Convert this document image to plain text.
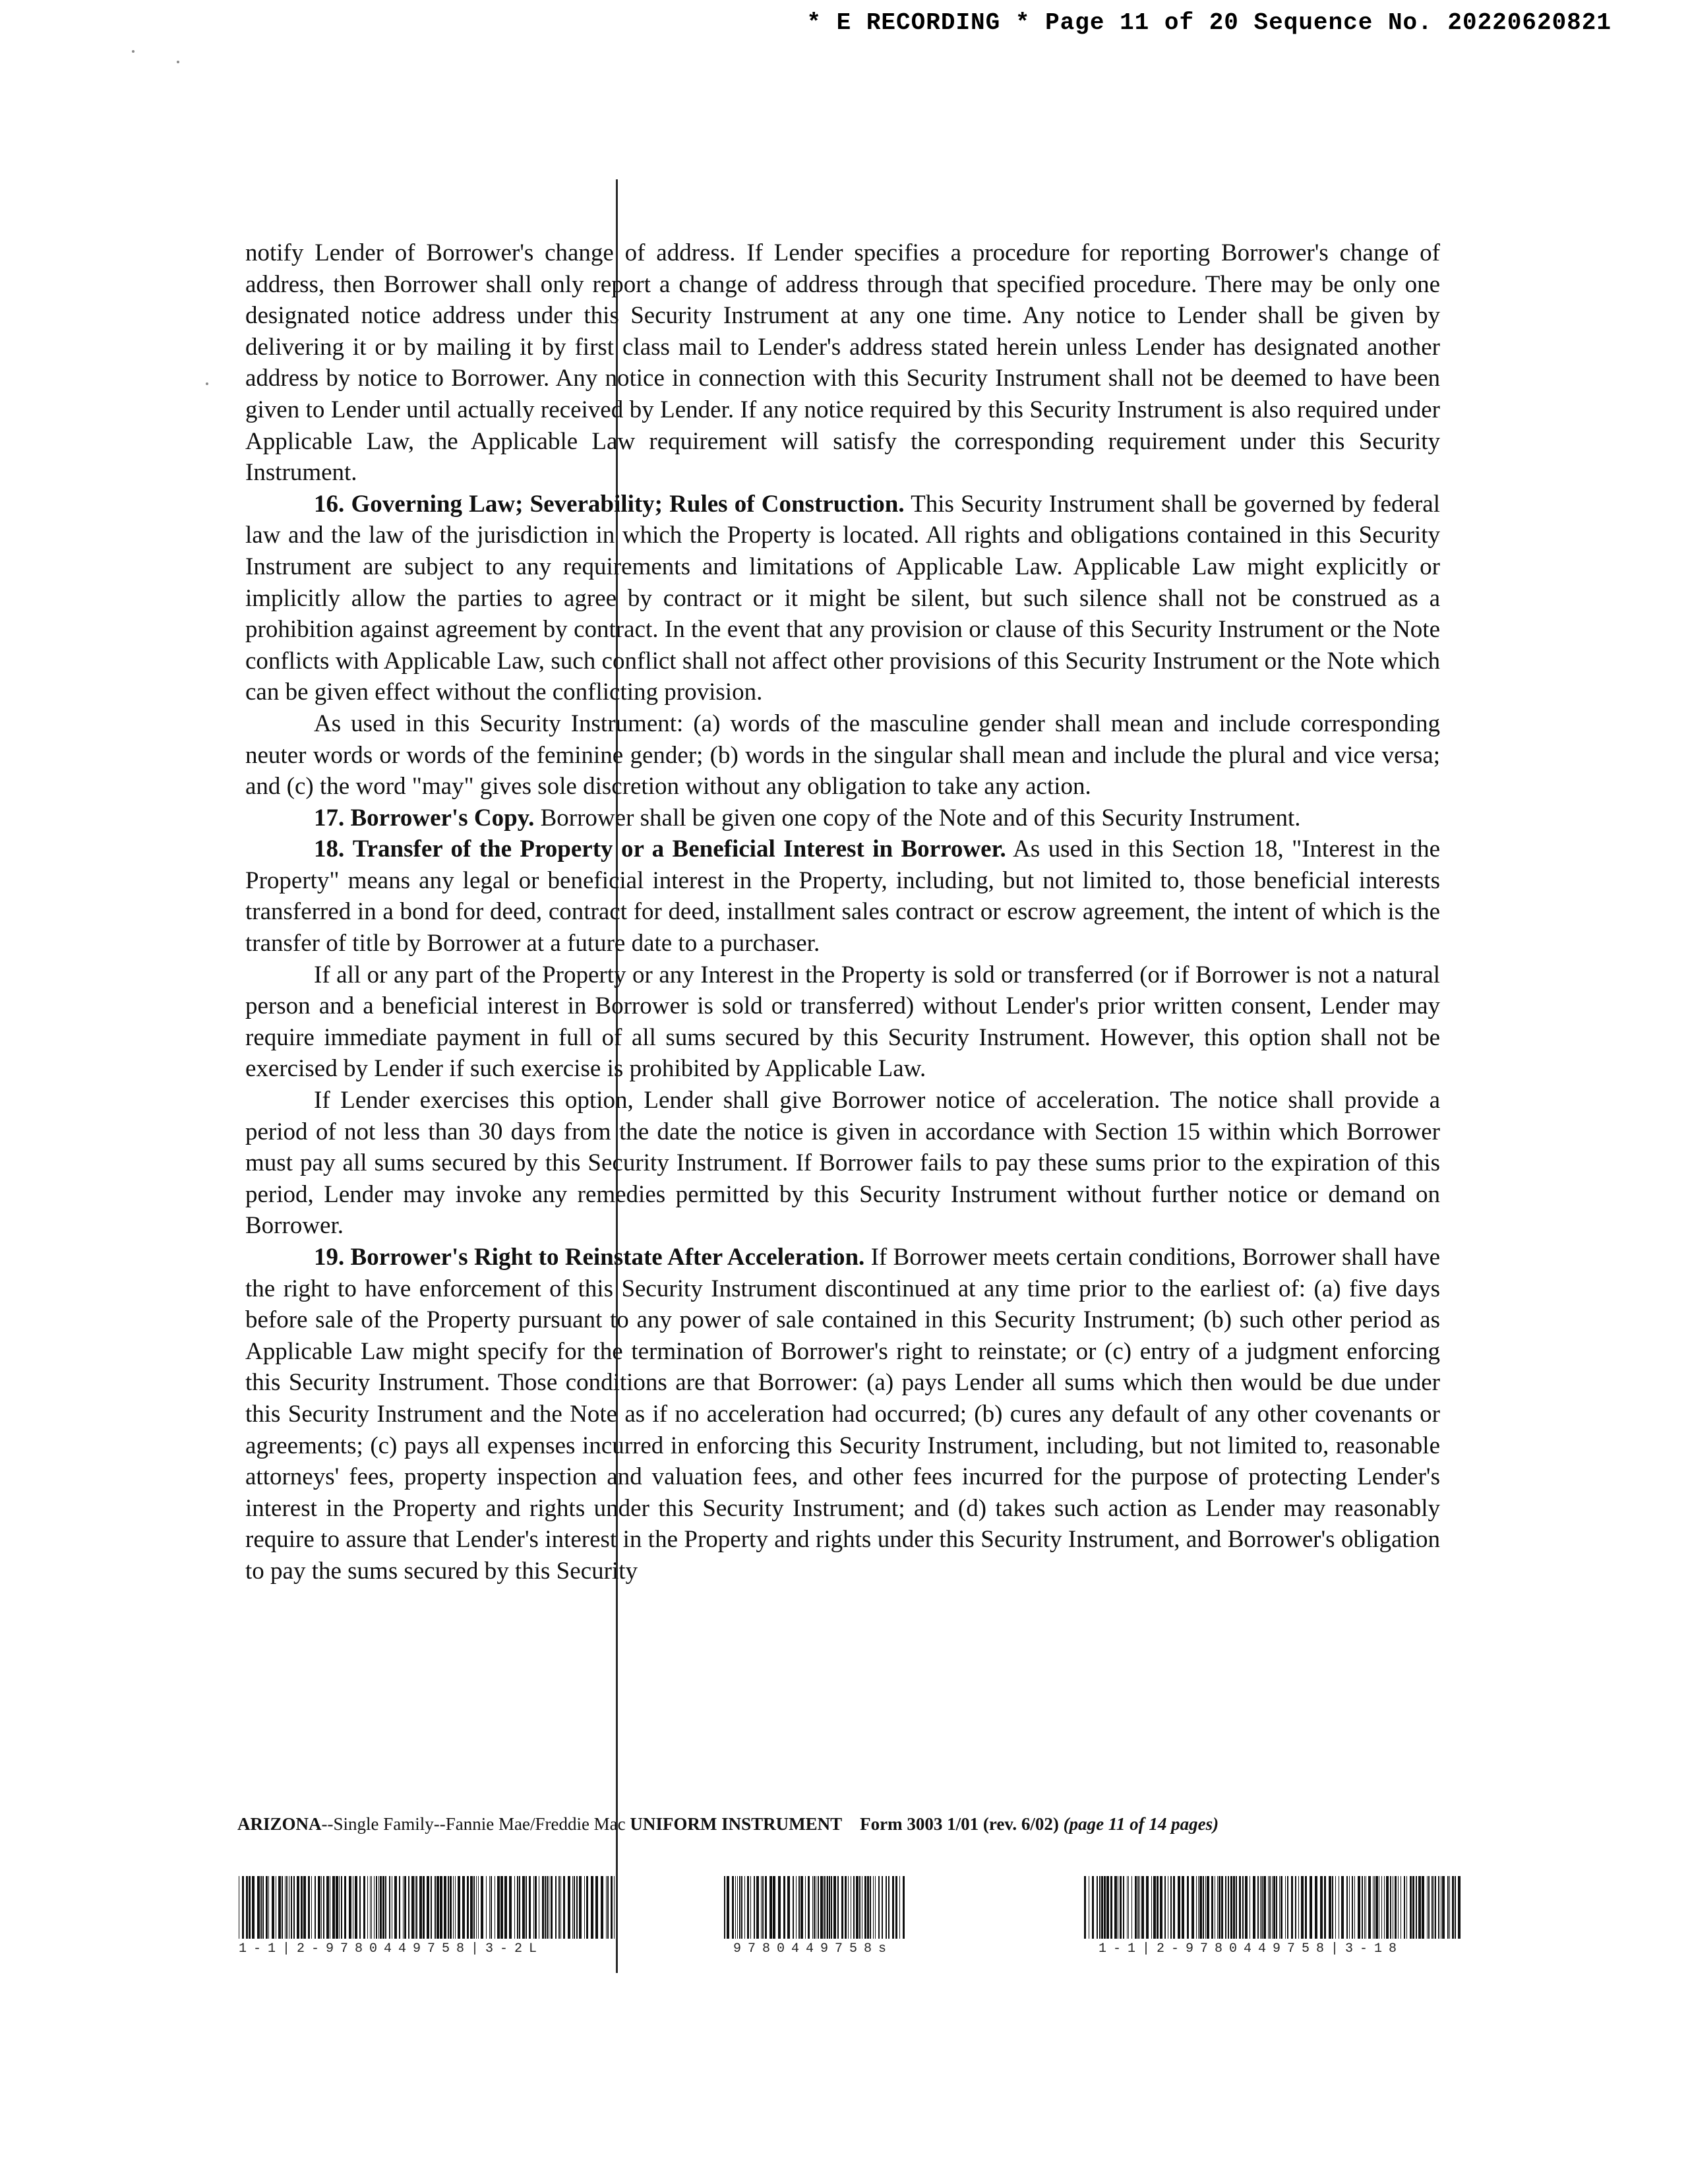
* E RECORDING * Page 11 of 20 Sequence No. 20220620821

notify Lender of Borrower's change of address. If Lender specifies a procedure for reporting Borrower's change of address, then Borrower shall only report a change of address through that specified procedure. There may be only one designated notice address under this Security Instrument at any one time. Any notice to Lender shall be given by delivering it or by mailing it by first class mail to Lender's address stated herein unless Lender has designated another address by notice to Borrower. Any notice in connection with this Security Instrument shall not be deemed to have been given to Lender until actually received by Lender. If any notice required by this Security Instrument is also required under Applicable Law, the Applicable Law requirement will satisfy the corresponding requirement under this Security Instrument.

16. Governing Law; Severability; Rules of Construction. This Security Instrument shall be governed by federal law and the law of the jurisdiction in which the Property is located. All rights and obligations contained in this Security Instrument are subject to any requirements and limitations of Applicable Law. Applicable Law might explicitly or implicitly allow the parties to agree by contract or it might be silent, but such silence shall not be construed as a prohibition against agreement by contract. In the event that any provision or clause of this Security Instrument or the Note conflicts with Applicable Law, such conflict shall not affect other provisions of this Security Instrument or the Note which can be given effect without the conflicting provision.

As used in this Security Instrument: (a) words of the masculine gender shall mean and include corresponding neuter words or words of the feminine gender; (b) words in the singular shall mean and include the plural and vice versa; and (c) the word "may" gives sole discretion without any obligation to take any action.

17. Borrower's Copy. Borrower shall be given one copy of the Note and of this Security Instrument.

18. Transfer of the Property or a Beneficial Interest in Borrower. As used in this Section 18, "Interest in the Property" means any legal or beneficial interest in the Property, including, but not limited to, those beneficial interests transferred in a bond for deed, contract for deed, installment sales contract or escrow agreement, the intent of which is the transfer of title by Borrower at a future date to a purchaser.

If all or any part of the Property or any Interest in the Property is sold or transferred (or if Borrower is not a natural person and a beneficial interest in Borrower is sold or transferred) without Lender's prior written consent, Lender may require immediate payment in full of all sums secured by this Security Instrument. However, this option shall not be exercised by Lender if such exercise is prohibited by Applicable Law.

If Lender exercises this option, Lender shall give Borrower notice of acceleration. The notice shall provide a period of not less than 30 days from the date the notice is given in accordance with Section 15 within which Borrower must pay all sums secured by this Security Instrument. If Borrower fails to pay these sums prior to the expiration of this period, Lender may invoke any remedies permitted by this Security Instrument without further notice or demand on Borrower.

19. Borrower's Right to Reinstate After Acceleration. If Borrower meets certain conditions, Borrower shall have the right to have enforcement of this Security Instrument discontinued at any time prior to the earliest of: (a) five days before sale of the Property pursuant to any power of sale contained in this Security Instrument; (b) such other period as Applicable Law might specify for the termination of Borrower's right to reinstate; or (c) entry of a judgment enforcing this Security Instrument. Those conditions are that Borrower: (a) pays Lender all sums which then would be due under this Security Instrument and the Note as if no acceleration had occurred; (b) cures any default of any other covenants or agreements; (c) pays all expenses incurred in enforcing this Security Instrument, including, but not limited to, reasonable attorneys' fees, property inspection and valuation fees, and other fees incurred for the purpose of protecting Lender's interest in the Property and rights under this Security Instrument; and (d) takes such action as Lender may reasonably require to assure that Lender's interest in the Property and rights under this Security Instrument, and Borrower's obligation to pay the sums secured by this Security

ARIZONA--Single Family--Fannie Mae/Freddie Mac UNIFORM INSTRUMENT Form 3003 1/01 (rev. 6/02) (page 11 of 14 pages)
1-1|2-9780449758|3-2L	9780449758s	1-1|2-9780449758|3-18
